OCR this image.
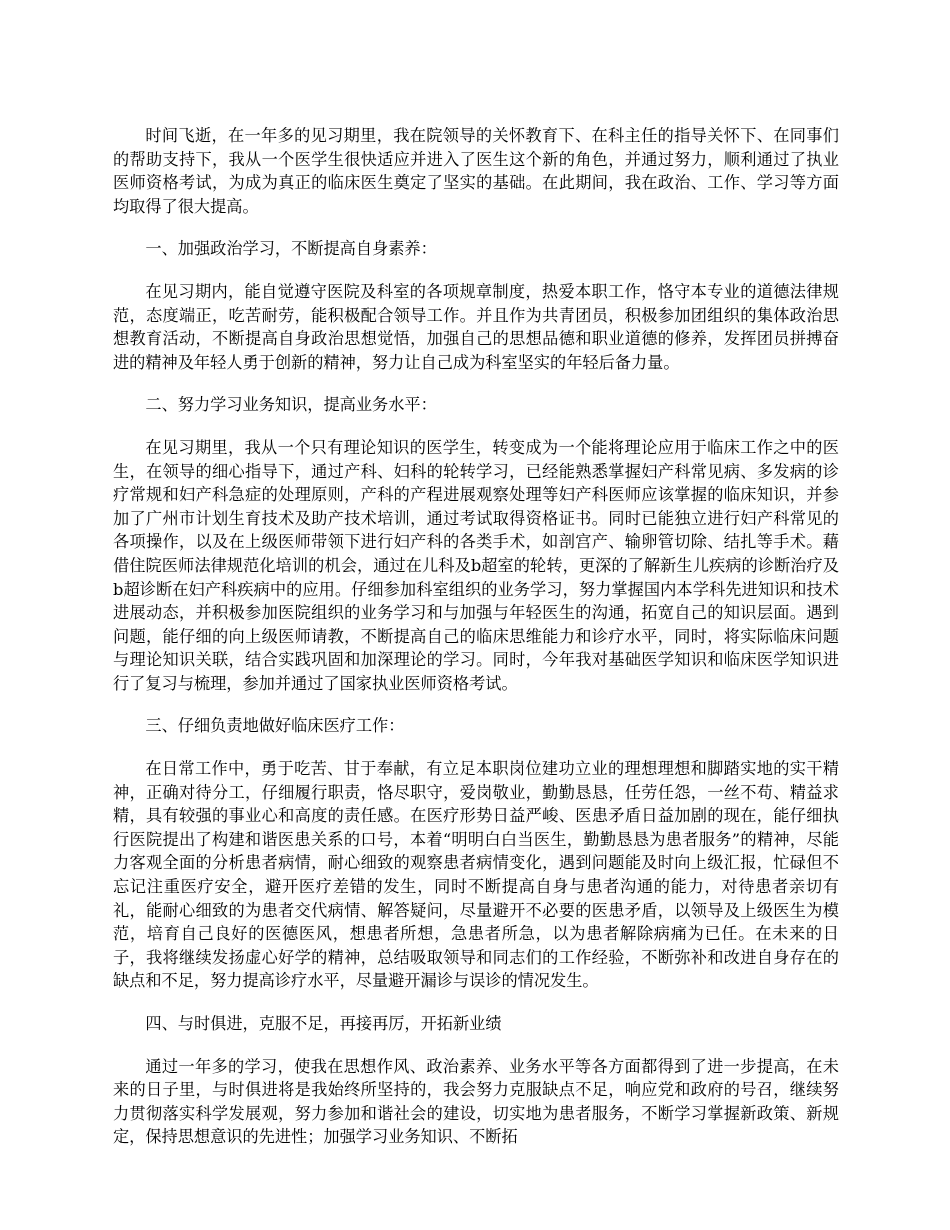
时间飞逝，在一年多的见习期里，我在院领导的关怀教育下、在科主任的指导关怀下、在同事们的帮助支持下，我从一个医学生很快适应并进入了医生这个新的角色，并通过努力，顺利通过了执业医师资格考试，为成为真正的临床医生奠定了坚实的基础。在此期间，我在政治、工作、学习等方面均取得了很大提高。

一、加强政治学习，不断提高自身素养：

在见习期内，能自觉遵守医院及科室的各项规章制度，热爱本职工作，恪守本专业的道德法律规范，态度端正，吃苦耐劳，能积极配合领导工作。并且作为共青团员，积极参加团组织的集体政治思想教育活动，不断提高自身政治思想觉悟，加强自己的思想品德和职业道德的修养，发挥团员拼搏奋进的精神及年轻人勇于创新的精神，努力让自己成为科室坚实的年轻后备力量。

二、努力学习业务知识，提高业务水平：

在见习期里，我从一个只有理论知识的医学生，转变成为一个能将理论应用于临床工作之中的医生，在领导的细心指导下，通过产科、妇科的轮转学习，已经能熟悉掌握妇产科常见病、多发病的诊疗常规和妇产科急症的处理原则，产科的产程进展观察处理等妇产科医师应该掌握的临床知识，并参加了广州市计划生育技术及助产技术培训，通过考试取得资格证书。同时已能独立进行妇产科常见的各项操作，以及在上级医师带领下进行妇产科的各类手术，如剖宫产、输卵管切除、结扎等手术。藉借住院医师法律规范化培训的机会，通过在儿科及b超室的轮转，更深的了解新生儿疾病的诊断治疗及b超诊断在妇产科疾病中的应用。仔细参加科室组织的业务学习，努力掌握国内本学科先进知识和技术进展动态，并积极参加医院组织的业务学习和与加强与年轻医生的沟通，拓宽自己的知识层面。遇到问题，能仔细的向上级医师请教，不断提高自己的临床思维能力和诊疗水平，同时，将实际临床问题与理论知识关联，结合实践巩固和加深理论的学习。同时，今年我对基础医学知识和临床医学知识进行了复习与梳理，参加并通过了国家执业医师资格考试。

三、仔细负责地做好临床医疗工作：

在日常工作中，勇于吃苦、甘于奉献，有立足本职岗位建功立业的理想理想和脚踏实地的实干精神，正确对待分工，仔细履行职责，恪尽职守，爱岗敬业，勤勤恳恳，任劳任怨，一丝不苟、精益求精，具有较强的事业心和高度的责任感。在医疗形势日益严峻、医患矛盾日益加剧的现在，能仔细执行医院提出了构建和谐医患关系的口号，本着“明明白白当医生，勤勤恳恳为患者服务”的精神，尽能力客观全面的分析患者病情，耐心细致的观察患者病情变化，遇到问题能及时向上级汇报，忙碌但不忘记注重医疗安全，避开医疗差错的发生，同时不断提高自身与患者沟通的能力，对待患者亲切有礼，能耐心细致的为患者交代病情、解答疑问，尽量避开不必要的医患矛盾，以领导及上级医生为模范，培育自己良好的医德医风，想患者所想，急患者所急，以为患者解除病痛为已任。在未来的日子，我将继续发扬虚心好学的精神，总结吸取领导和同志们的工作经验，不断弥补和改进自身存在的缺点和不足，努力提高诊疗水平，尽量避开漏诊与误诊的情况发生。

四、与时俱进，克服不足，再接再厉，开拓新业绩

通过一年多的学习，使我在思想作风、政治素养、业务水平等各方面都得到了进一步提高，在未来的日子里，与时俱进将是我始终所坚持的，我会努力克服缺点不足，响应党和政府的号召，继续努力贯彻落实科学发展观，努力参加和谐社会的建设，切实地为患者服务，不断学习掌握新政策、新规定，保持思想意识的先进性；加强学习业务知识、不断拓
